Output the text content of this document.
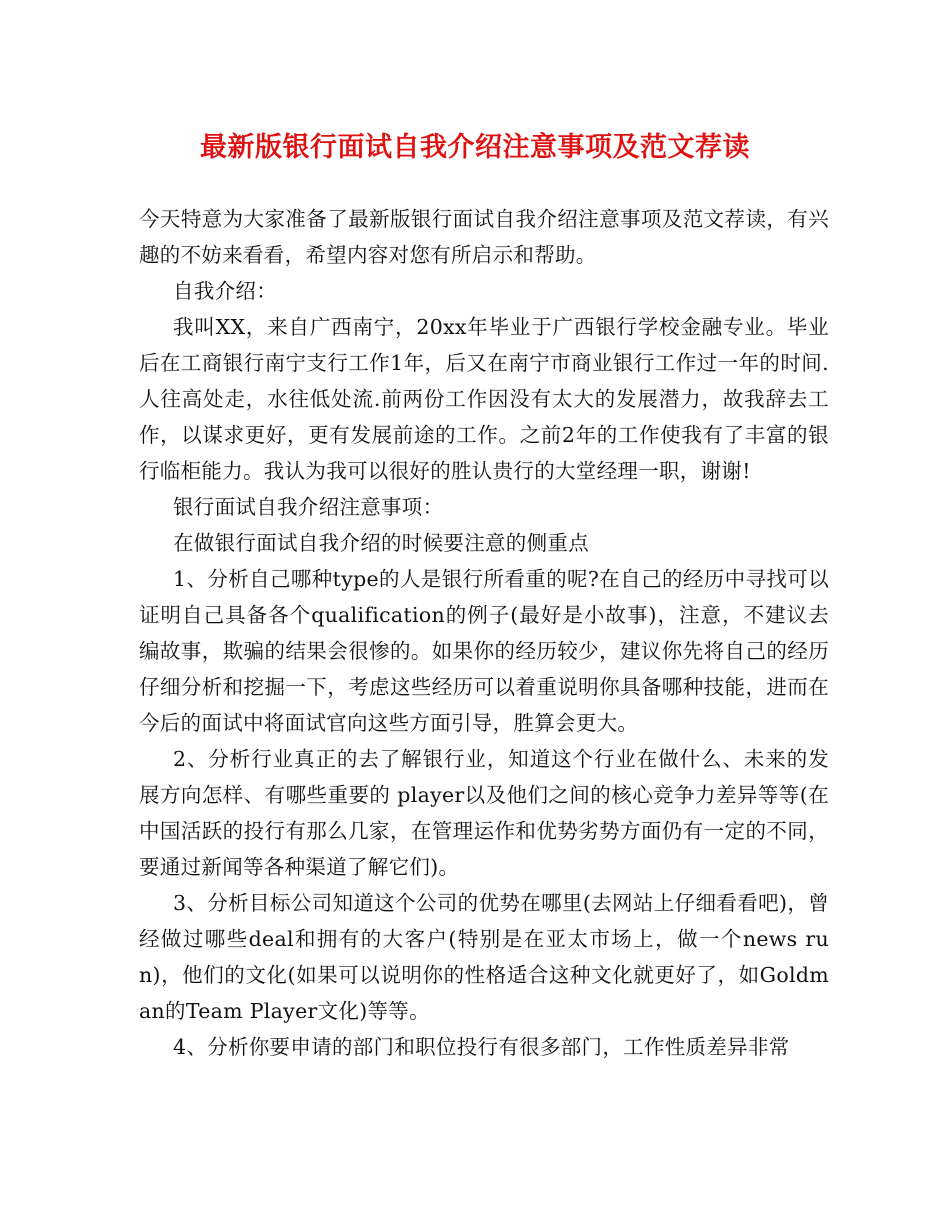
最新版银行面试自我介绍注意事项及范文荐读

今天特意为大家准备了最新版银行面试自我介绍注意事项及范文荐读，有兴趣的不妨来看看，希望内容对您有所启示和帮助。

自我介绍：

我叫XX，来自广西南宁，20xx年毕业于广西银行学校金融专业。毕业后在工商银行南宁支行工作1年，后又在南宁市商业银行工作过一年的时间.人往高处走，水往低处流.前两份工作因没有太大的发展潜力，故我辞去工作，以谋求更好，更有发展前途的工作。之前2年的工作使我有了丰富的银行临柜能力。我认为我可以很好的胜认贵行的大堂经理一职，谢谢!

银行面试自我介绍注意事项：

在做银行面试自我介绍的时候要注意的侧重点

1、分析自己哪种type的人是银行所看重的呢?在自己的经历中寻找可以证明自己具备各个qualification的例子(最好是小故事)，注意，不建议去编故事，欺骗的结果会很惨的。如果你的经历较少，建议你先将自己的经历仔细分析和挖掘一下，考虑这些经历可以着重说明你具备哪种技能，进而在今后的面试中将面试官向这些方面引导，胜算会更大。

2、分析行业真正的去了解银行业，知道这个行业在做什么、未来的发展方向怎样、有哪些重要的 player以及他们之间的核心竞争力差异等等(在中国活跃的投行有那么几家，在管理运作和优势劣势方面仍有一定的不同，要通过新闻等各种渠道了解它们)。

3、分析目标公司知道这个公司的优势在哪里(去网站上仔细看看吧)，曾经做过哪些deal和拥有的大客户(特别是在亚太市场上，做一个news run)，他们的文化(如果可以说明你的性格适合这种文化就更好了，如Goldman的Team Player文化)等等。

4、分析你要申请的部门和职位投行有很多部门，工作性质差异非常
